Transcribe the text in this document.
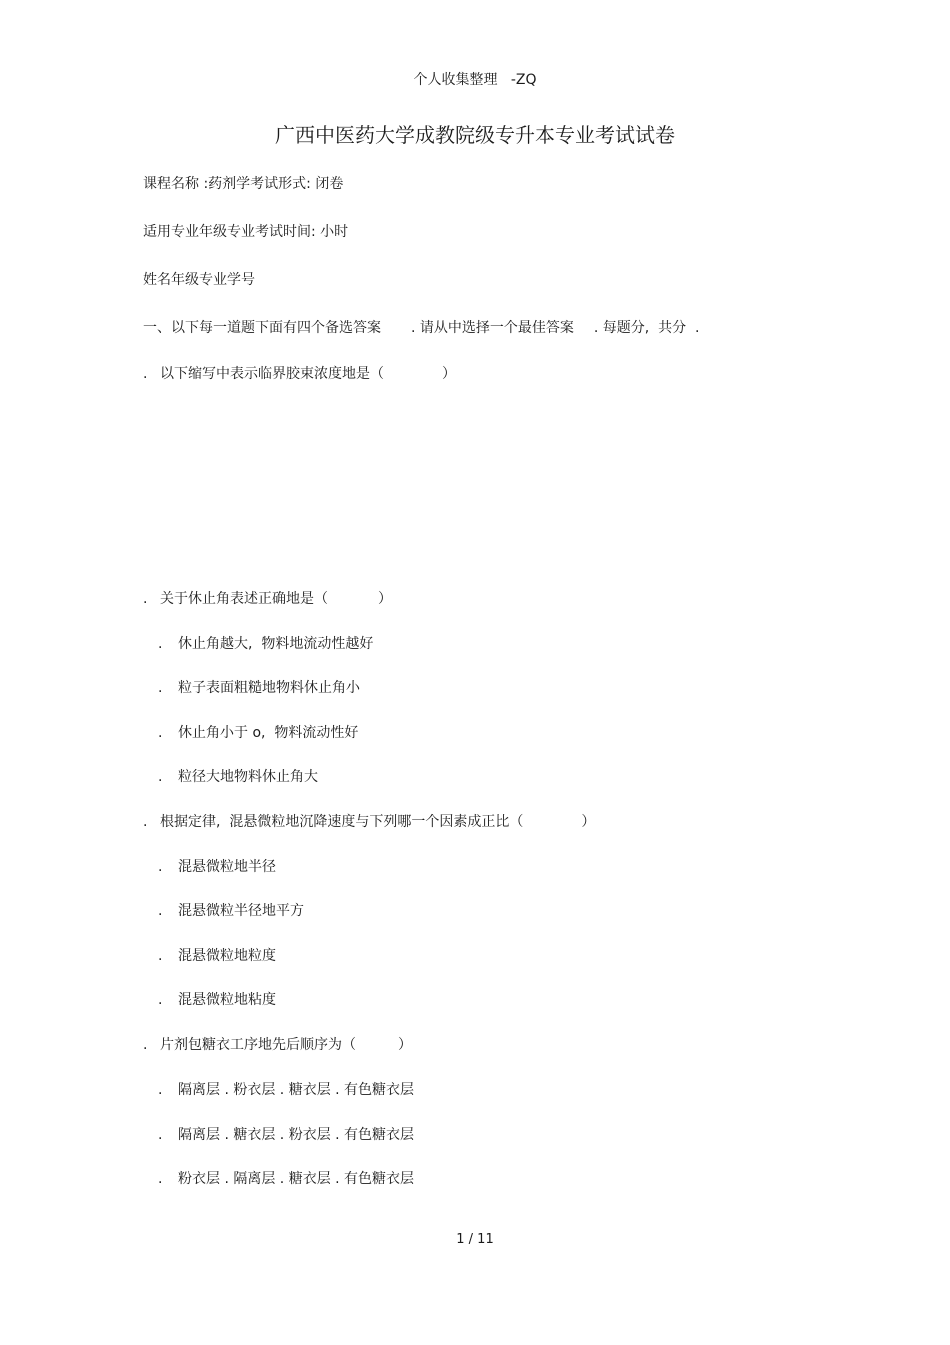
个人收集整理   -ZQ
广西中医药大学成教院级专升本专业考试试卷
课程名称 :药剂学考试形式: 闭卷
适用专业年级专业考试时间: 小时
姓名年级专业学号
一、以下每一道题下面有四个备选答案 . 请从中选择一个最佳答案 . 每题分,  共分  .
. 以下缩写中表示临界胶束浓度地是（	）
. 关于休止角表述正确地是（	）
. 休止角越大,  物料地流动性越好
. 粒子表面粗糙地物料休止角小
. 休止角小于 o,  物料流动性好
. 粒径大地物料休止角大
. 根据定律,  混悬微粒地沉降速度与下列哪一个因素成正比（	）
. 混悬微粒地半径
. 混悬微粒半径地平方
. 混悬微粒地粒度
. 混悬微粒地粘度
. 片剂包糖衣工序地先后顺序为（	）
. 隔离层 . 粉衣层 . 糖衣层 . 有色糖衣层
. 隔离层 . 糖衣层 . 粉衣层 . 有色糖衣层
. 粉衣层 . 隔离层 . 糖衣层 . 有色糖衣层
1 / 11
